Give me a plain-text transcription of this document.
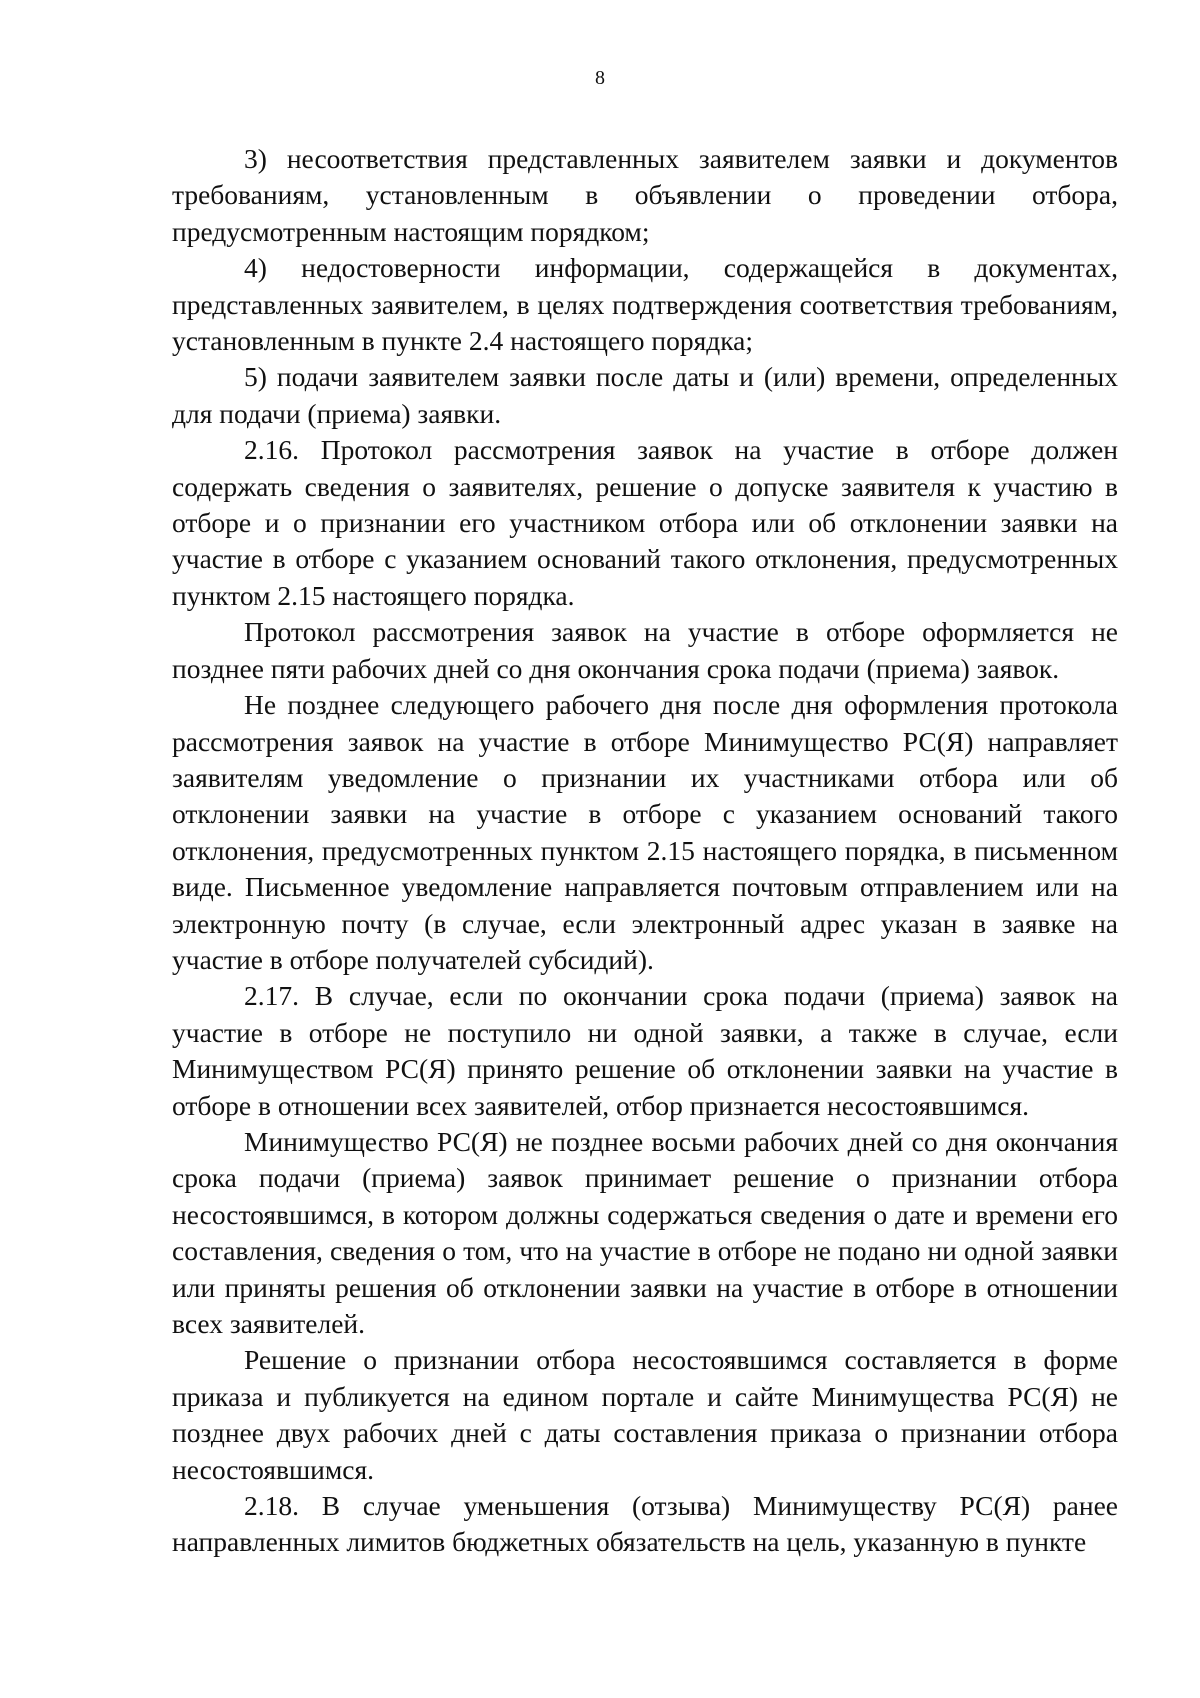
8

3) несоответствия представленных заявителем заявки и документов требованиям, установленным в объявлении о проведении отбора, предусмотренным настоящим порядком;

4) недостоверности информации, содержащейся в документах, представленных заявителем, в целях подтверждения соответствия требованиям, установленным в пункте 2.4 настоящего порядка;

5) подачи заявителем заявки после даты и (или) времени, определенных для подачи (приема) заявки.

2.16. Протокол рассмотрения заявок на участие в отборе должен содержать сведения о заявителях, решение о допуске заявителя к участию в отборе и о признании его участником отбора или об отклонении заявки на участие в отборе с указанием оснований такого отклонения, предусмотренных пунктом 2.15 настоящего порядка.

Протокол рассмотрения заявок на участие в отборе оформляется не позднее пяти рабочих дней со дня окончания срока подачи (приема) заявок.

Не позднее следующего рабочего дня после дня оформления протокола рассмотрения заявок на участие в отборе Минимущество РС(Я) направляет заявителям уведомление о признании их участниками отбора или об отклонении заявки на участие в отборе с указанием оснований такого отклонения, предусмотренных пунктом 2.15 настоящего порядка, в письменном виде. Письменное уведомление направляется почтовым отправлением или на электронную почту (в случае, если электронный адрес указан в заявке на участие в отборе получателей субсидий).

2.17. В случае, если по окончании срока подачи (приема) заявок на участие в отборе не поступило ни одной заявки, а также в случае, если Минимуществом РС(Я) принято решение об отклонении заявки на участие в отборе в отношении всех заявителей, отбор признается несостоявшимся.

Минимущество РС(Я) не позднее восьми рабочих дней со дня окончания срока подачи (приема) заявок принимает решение о признании отбора несостоявшимся, в котором должны содержаться сведения о дате и времени его составления, сведения о том, что на участие в отборе не подано ни одной заявки или приняты решения об отклонении заявки на участие в отборе в отношении всех заявителей.

Решение о признании отбора несостоявшимся составляется в форме приказа и публикуется на едином портале и сайте Минимущества РС(Я) не позднее двух рабочих дней с даты составления приказа о признании отбора несостоявшимся.

2.18. В случае уменьшения (отзыва) Минимуществу РС(Я) ранее направленных лимитов бюджетных обязательств на цель, указанную в пункте
